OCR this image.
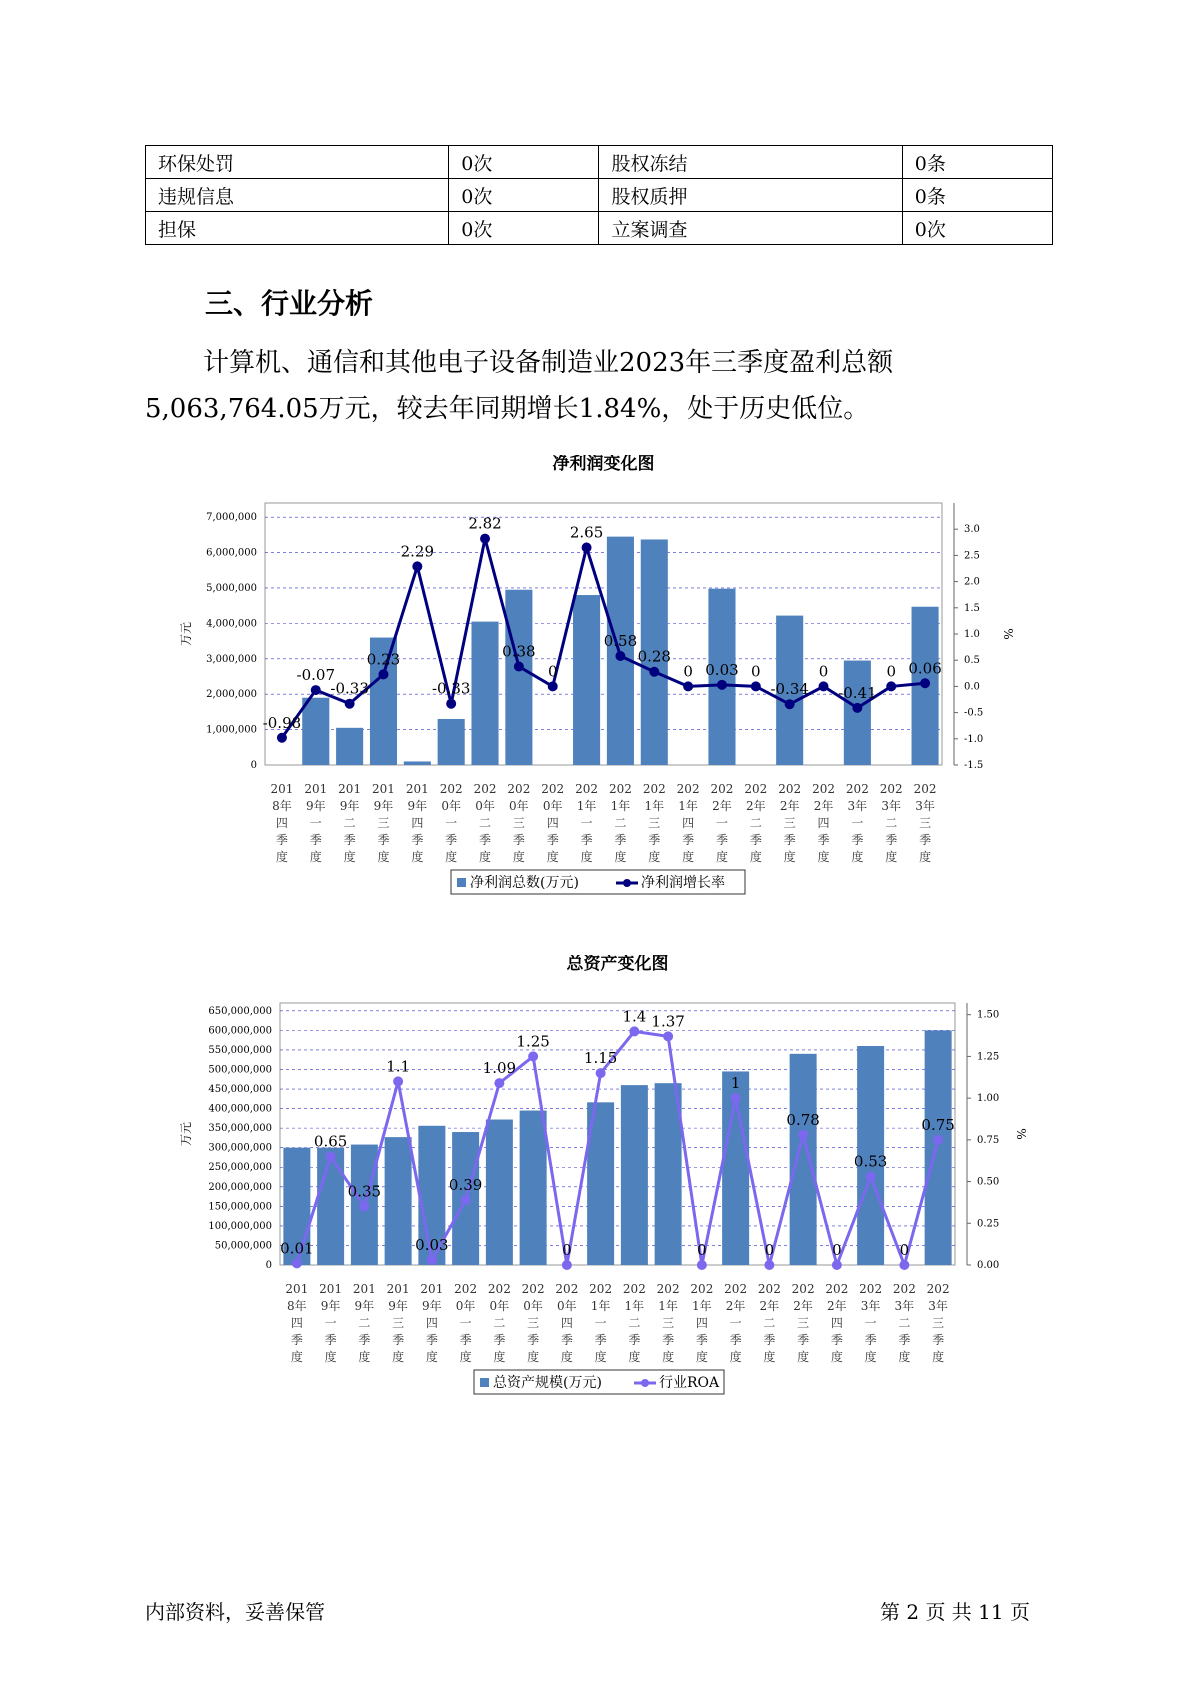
环保处罚	0次	股权冻结	0条
违规信息	0次	股权质押	0条
担保	0次	立案调查	0次
三、行业分析

计算机、通信和其他电子设备制造业2023年三季度盈利总额
5,063,764.05万元，较去年同期增长1.84%，处于历史低位。

净利润变化图
0
1,000,000
2,000,000
3,000,000
4,000,000
5,000,000
6,000,000
7,000,000
-1.5
-1.0
-0.5
0.0
0.5
1.0
1.5
2.0
2.5
3.0
万元	%
-0.98
-0.07
-0.33
0.23
2.29
-0.33
2.82
0.38
0
2.65
0.58
0.28
0 0.03 0
-0.34
0
-0.41
0 0.06
201
8年
四
季
度
201
9年
一
季
度
201
9年
二
季
度
201
9年
三
季
度
201
9年
四
季
度
202
0年
一
季
度
202
0年
二
季
度
202
0年
三
季
度
202
0年
四
季
度
202
1年
一
季
度
202
1年
二
季
度
202
1年
三
季
度
202
1年
四
季
度
202
2年
一
季
度
202
2年
二
季
度
202
2年
三
季
度
202
2年
四
季
度
202
3年
一
季
度
202
3年
二
季
度
202
3年
三
季
度
净利润总数(万元)	净利润增长率
总资产变化图
0
50,000,000
100,000,000
150,000,000
200,000,000
250,000,000
300,000,000
350,000,000
400,000,000
450,000,000
500,000,000
550,000,000
600,000,000
650,000,000
0.00
0.25
0.50
0.75
1.00
1.25
1.50
万元	%
0.01
0.65
0.35
1.1
0.03
0.39
1.09
1.25
0
1.15
1.4 1.37
0
1
0
0.78
0
0.53
0
0.75
201
8年
四
季
度
201
9年
一
季
度
201
9年
二
季
度
201
9年
三
季
度
201
9年
四
季
度
202
0年
一
季
度
202
0年
二
季
度
202
0年
三
季
度
202
0年
四
季
度
202
1年
一
季
度
202
1年
二
季
度
202
1年
三
季
度
202
1年
四
季
度
202
2年
一
季
度
202
2年
二
季
度
202
2年
三
季
度
202
2年
四
季
度
202
3年
一
季
度
202
3年
二
季
度
202
3年
三
季
度
总资产规模(万元)	行业ROA
内部资料，妥善保管	第 2 页 共 11 页
